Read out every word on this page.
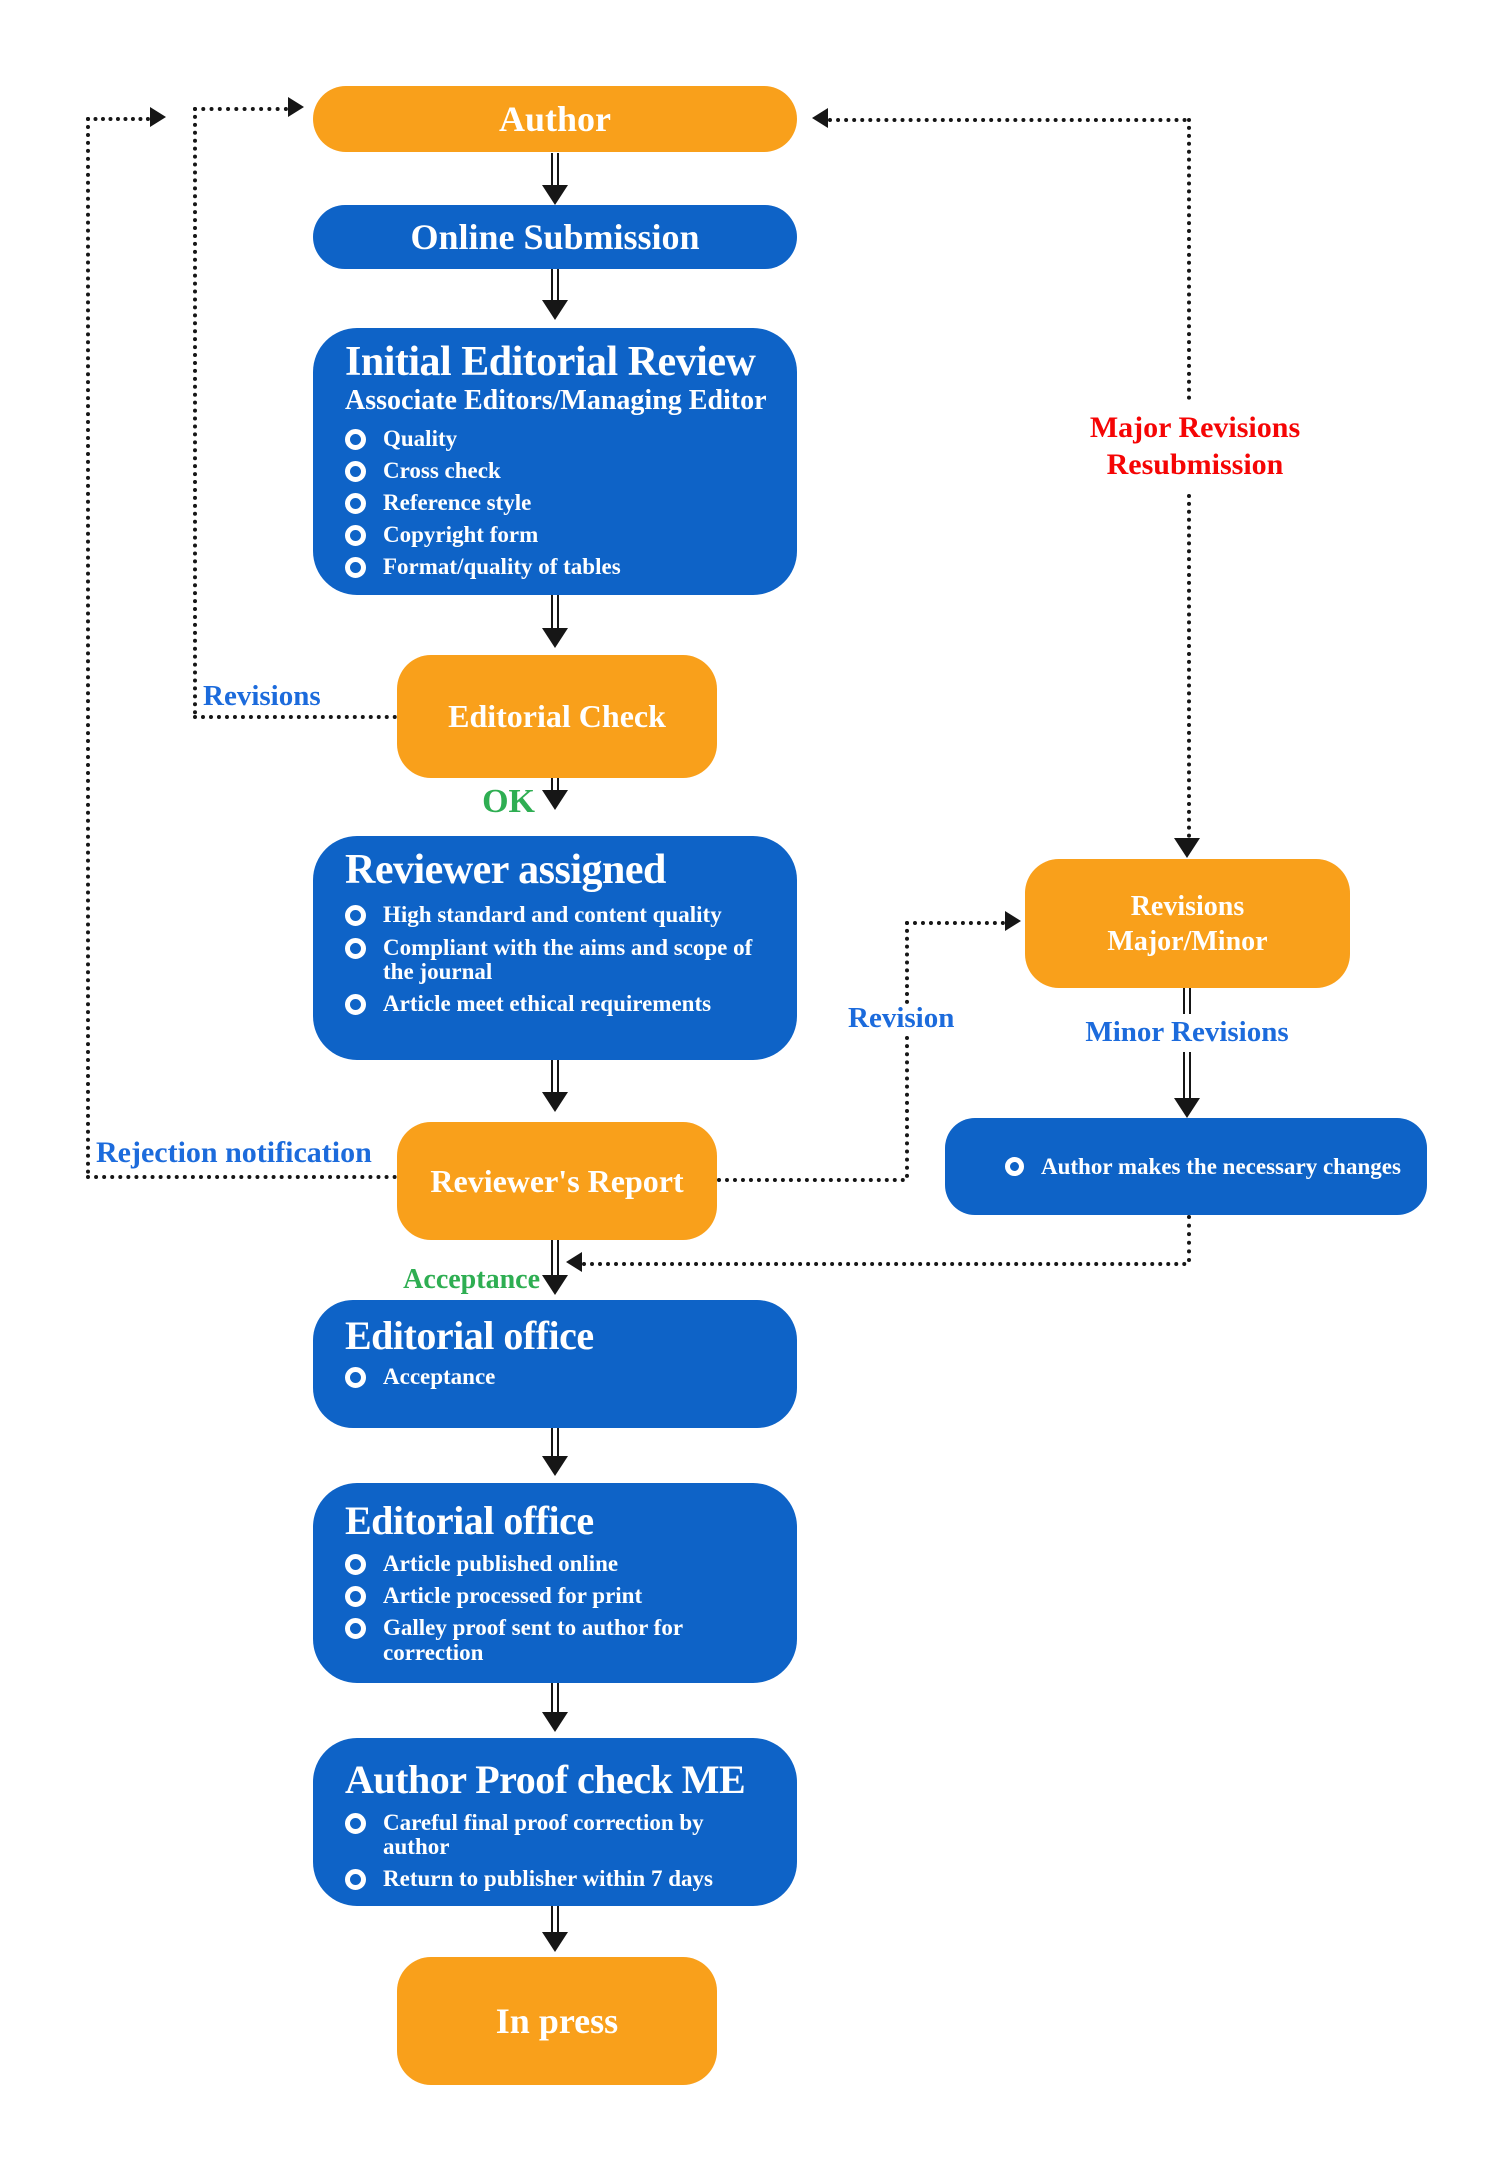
Author
Online Submission
Initial Editorial Review
Associate Editors/Managing Editor
Quality
Cross check
Reference style
Copyright form
Format/quality of tables
Editorial Check
Reviewer assigned
High standard and content quality
Compliant with the aims and scope of the journal
Article meet ethical requirements
Reviewer's Report
Editorial office
Acceptance
Editorial office
Article published online
Article processed for print
Galley proof sent to author for correction
Author Proof check ME
Careful final proof correction by author
Return to publisher within 7 days
In press
Revisions
Major/Minor
Author makes the necessary changes
Revisions
OK
Rejection notification
Acceptance
Major Revisions
Resubmission
Revision	Minor Revisions
